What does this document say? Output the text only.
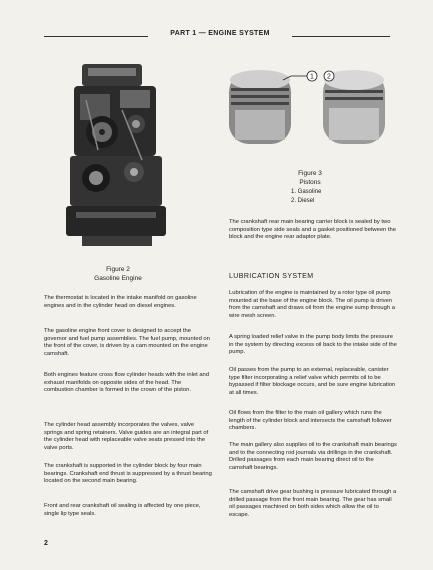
PART 1 — ENGINE SYSTEM
Figure 2
Gasoline Engine
1 2
Figure 3
Pistons
1. Gasoline
2. Diesel
The thermostat is located in the intake manifold on gasoline engines and in the cylinder head on diesel engines.
The gasoline engine front cover is designed to accept the governor and fuel pump assemblies. The fuel pump, mounted on the front of the cover, is driven by a cam mounted on the engine camshaft.
Both engines feature cross flow cylinder heads with the inlet and exhaust manifolds on opposite sides of the head. The combustion chamber is formed in the crown of the piston.
The cylinder head assembly incorporates the valves, valve springs and spring retainers. Valve guides are an integral part of the cylinder head with replaceable valve seats pressed into the valve ports.
The crankshaft is supported in the cylinder block by four main bearings. Crankshaft end thrust is suppressed by a thrust bearing located on the second main bearing.
Front and rear crankshaft oil sealing is affected by one piece, single lip type seals.
The crankshaft rear main bearing carrier block is sealed by two composition type side seals and a gasket positioned between the block and the engine rear adaptor plate.
LUBRICATION SYSTEM
Lubrication of the engine is maintained by a rotor type oil pump mounted at the base of the engine block. The oil pump is driven from the camshaft and draws oil from the engine sump through a wire mesh screen.
A spring loaded relief valve in the pump body limits the pressure in the system by directing excess oil back to the intake side of the pump.
Oil passes from the pump to an external, replaceable, canister type filter incorporating a relief valve which permits oil to be bypassed if filter blockage occurs, and be sure engine lubrication at all times.
Oil flows from the filter to the main oil gallery which runs the length of the cylinder block and intersects the camshaft follower chambers.
The main gallery also supplies oil to the crankshaft main bearings and to the connecting rod journals via drillings in the crankshaft. Drilled passages from each main bearing direct oil to the camshaft bearings.
The camshaft drive gear bushing is pressure lubricated through a drilled passage from the front main bearing. The gear has small oil passages machined on both sides which allow the oil to escape.
2
